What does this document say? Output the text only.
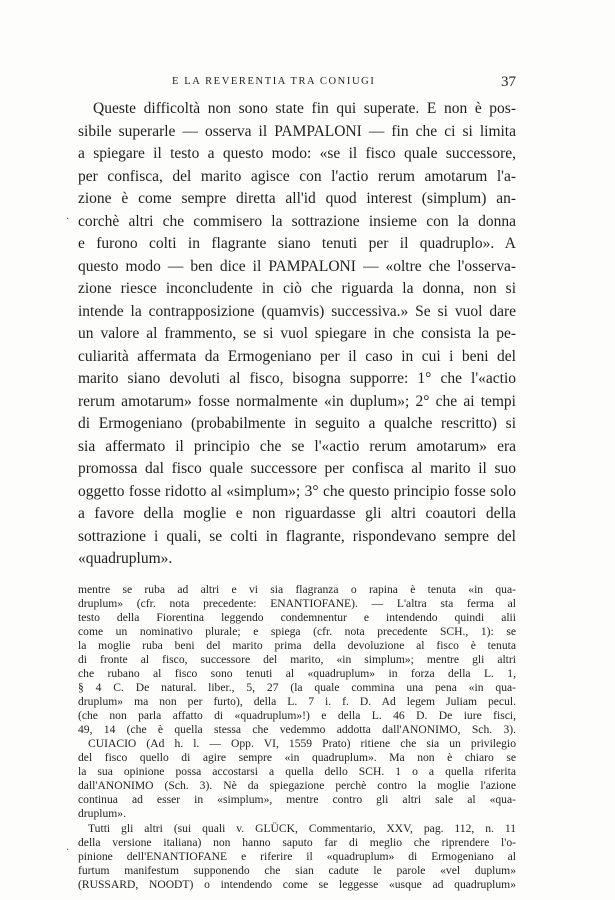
E LA REVERENTIA TRA CONIUGI	37
Queste difficoltà non sono state fin qui superate. E non è pos-
sibile superarle — osserva il PAMPALONI — fin che ci si limita
a spiegare il testo a questo modo: «se il fisco quale successore,
per confisca, del marito agisce con l'actio rerum amotarum l'a-
zione è come sempre diretta all'id quod interest (simplum) an-
corchè altri che commisero la sottrazione insieme con la donna
e furono colti in flagrante siano tenuti per il quadruplo». A
questo modo — ben dice il PAMPALONI — «oltre che l'osserva-
zione riesce inconcludente in ciò che riguarda la donna, non si
intende la contrapposizione (quamvis) successiva.» Se si vuol dare
un valore al frammento, se si vuol spiegare in che consista la pe-
culiarità affermata da Ermogeniano per il caso in cui i beni del
marito siano devoluti al fisco, bisogna supporre: 1° che l'«actio
rerum amotarum» fosse normalmente «in duplum»; 2° che ai tempi
di Ermogeniano (probabilmente in seguito a qualche rescritto) si
sia affermato il principio che se l'«actio rerum amotarum» era
promossa dal fisco quale successore per confisca al marito il suo
oggetto fosse ridotto al «simplum»; 3° che questo principio fosse solo
a favore della moglie e non riguardasse gli altri coautori della
sottrazione i quali, se colti in flagrante, rispondevano sempre del
«quadruplum».
mentre se ruba ad altri e vi sia flagranza o rapina è tenuta «in qua-
druplum» (cfr. nota precedente: ENANTIOFANE). — L'altra sta ferma al
testo della Fiorentina leggendo condemnentur e intendendo quindi alii
come un nominativo plurale; e spiega (cfr. nota precedente SCH., 1): se
la moglie ruba beni del marito prima della devoluzione al fisco è tenuta
di fronte al fisco, successore del marito, «in simplum»; mentre gli altri
che rubano al fisco sono tenuti al «quadruplum» in forza della L. 1,
§ 4 C. De natural. liber., 5, 27 (la quale commina una pena «in qua-
druplum» ma non per furto), della L. 7 i. f. D. Ad legem Juliam pecul.
(che non parla affatto di «quadruplum»!) e della L. 46 D. De iure fisci,
49, 14 (che è quella stessa che vedemmo addotta dall'ANONIMO, Sch. 3).
CUIACIO (Ad h. l. — Opp. VI, 1559 Prato) ritiene che sia un privilegio
del fisco quello di agire sempre «in quadruplum». Ma non è chiaro se
la sua opinione possa accostarsi a quella dello SCH. 1 o a quella riferita
dall'ANONIMO (Sch. 3). Nè da spiegazione perchè contro la moglie l'azione
continua ad esser in «simplum», mentre contro gli altri sale al «qua-
druplum».
Tutti gli altri (sui quali v. GLÜCK, Commentario, XXV, pag. 112, n. 11
della versione italiana) non hanno saputo far di meglio che riprendere l'o-
pinione dell'ENANTIOFANE e riferire il «quadruplum» di Ermogeniano al
furtum manifestum supponendo che sian cadute le parole «vel duplum»
(RUSSARD, NOODT) o intendendo come se leggesse «usque ad quadruplum»
·
·
